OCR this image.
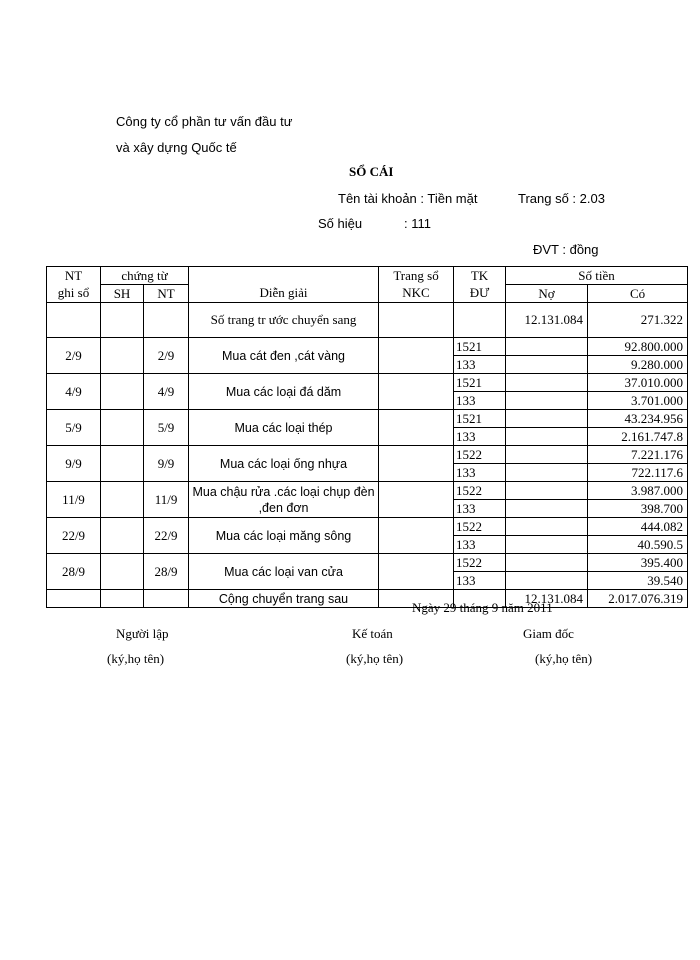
Công ty cổ phần tư vấn đầu tư
và xây dựng Quốc tế
SỔ CÁI
Tên tài khoản : Tiền mặt	Trang số : 2.03
Số hiệu	: 111
ĐVT : đồng
NT	chứng từ			Trang sổ	TK	Số tiền	
ghi sổ	SH	NT	Diễn giải	NKC	ĐƯ	Nợ	Có
			Số trang tr ước chuyển sang			12.131.084	271.322
2/9		2/9	Mua cát đen ,cát vàng		1521		92.800.000
					133		9.280.000
4/9		4/9	Mua các loại đá dăm		1521		37.010.000
					133		3.701.000
5/9		5/9	Mua các loại thép		1521		43.234.956
					133		2.161.747.8
9/9		9/9	Mua các loại ống nhựa		1522		7.221.176
					133		722.117.6
11/9		11/9	Mua chậu rửa .các loại chụp đèn ,đen đơn		1522		3.987.000
					133		398.700
22/9		22/9	Mua các loại măng sông		1522		444.082
					133		40.590.5
28/9		28/9	Mua các loại van cửa		1522		395.400
					133		39.540
			Cộng chuyển trang sau			12.131.084	2.017.076.319
Ngày 29 tháng 9 năm 2011
Người lập	Kế toán	Giam đốc
(ký,họ tên)	(ký,họ tên)	(ký,họ tên)
